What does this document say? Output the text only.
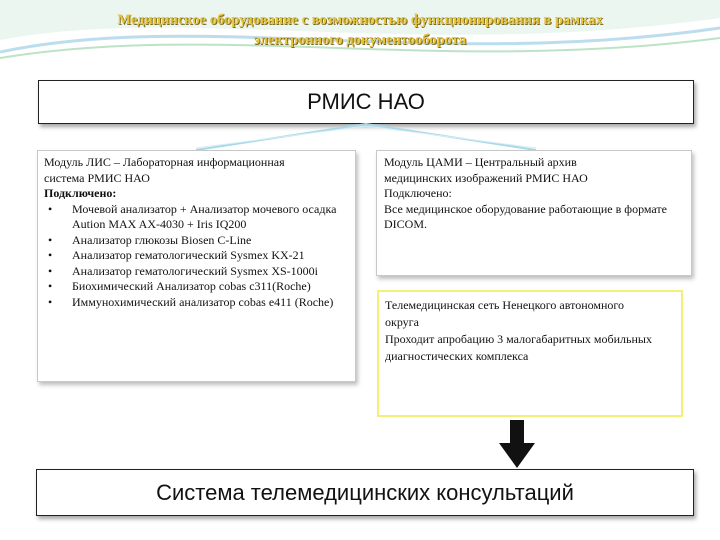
Медицинское оборудование с возможностью функционирования в рамках
электронного документооборота
РМИС НАО
Модуль ЛИС – Лабораторная информационная
система РМИС НАО
Подключено:
• Мочевой анализатор + Анализатор мочевого осадка Aution MAX AX-4030 + Iris IQ200
• Анализатор глюкозы Biosen C-Line
• Анализатор гематологический Sysmex KX-21
• Анализатор гематологический Sysmex XS-1000i
• Биохимический Анализатор cobas c311(Roche)
• Иммунохимический анализатор cobas e411 (Roche)
Модуль ЦАМИ – Центральный архив
медицинских изображений РМИС НАО
Подключено:
Все медицинское оборудование работающие в формате DICOM.
Телемедицинская сеть Ненецкого автономного
округа
Проходит апробацию 3 малогабаритных мобильных диагностических комплекса
Система телемедицинских консультаций
